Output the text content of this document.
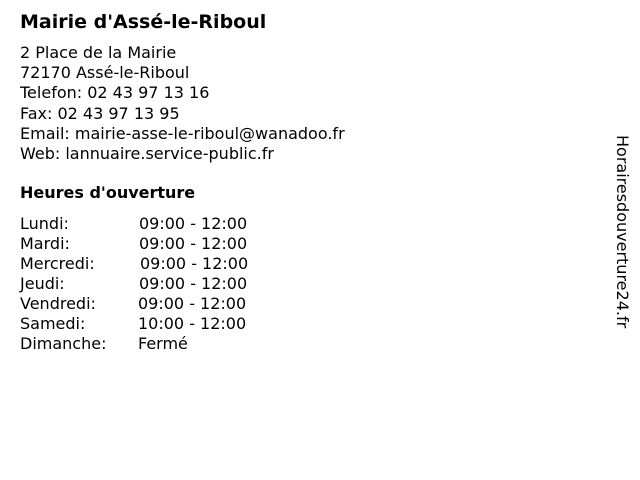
Mairie d'Assé-le-Riboul
2 Place de la Mairie
72170 Assé-le-Riboul
Telefon: 02 43 97 13 16
Fax: 02 43 97 13 95
Email: mairie-asse-le-riboul@wanadoo.fr
Web: lannuaire.service-public.fr
Heures d'ouverture
Lundi:	09:00 - 12:00
Mardi:	09:00 - 12:00
Mercredi:	09:00 - 12:00
Jeudi:	09:00 - 12:00
Vendredi:	09:00 - 12:00
Samedi:	10:00 - 12:00
Dimanche: Fermé
Horairesdouverture24.fr
